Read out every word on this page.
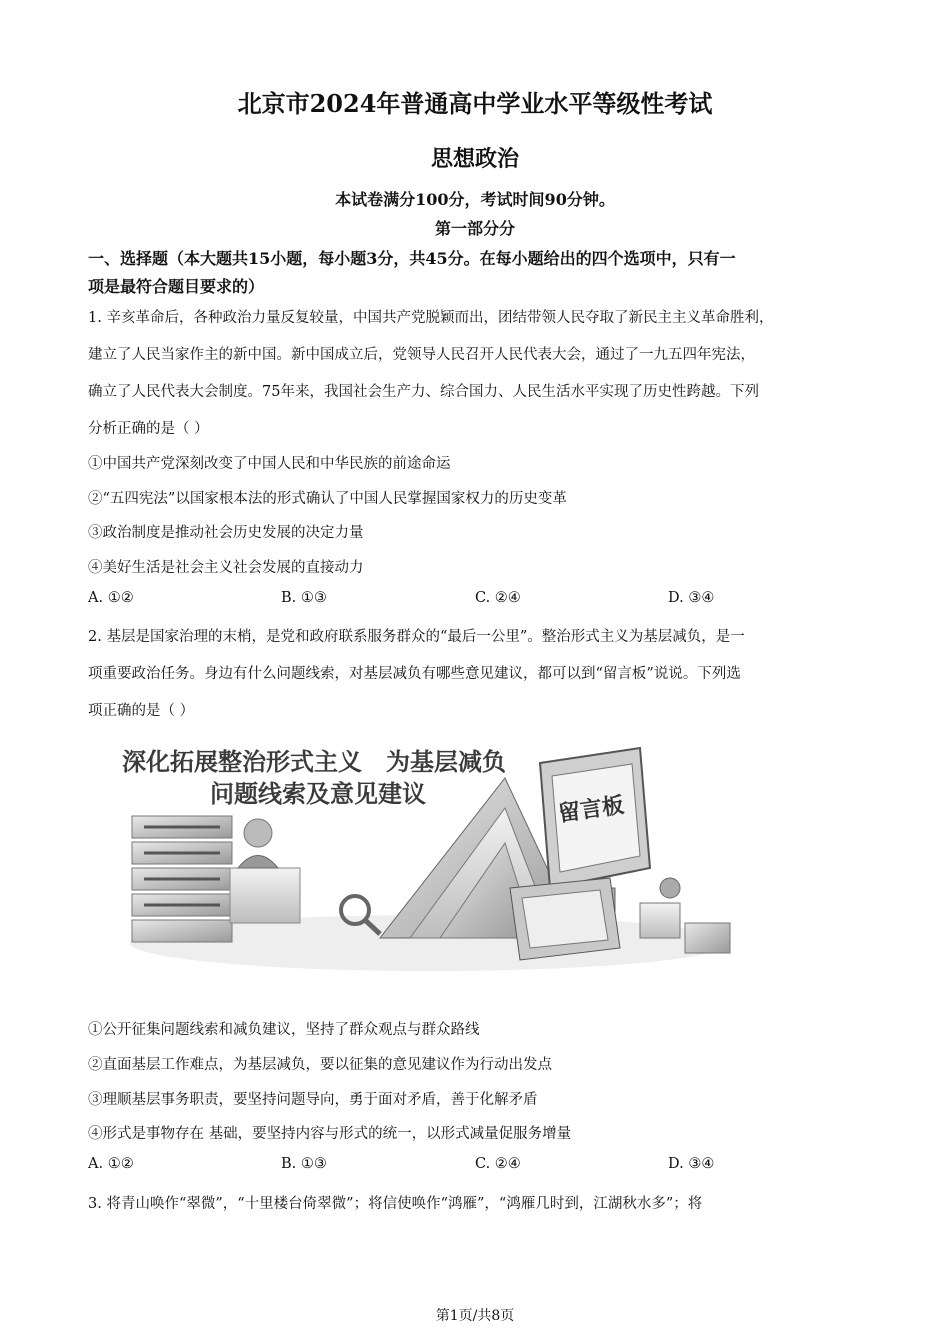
北京市2024年普通高中学业水平等级性考试
思想政治
本试卷满分100分，考试时间90分钟。
第一部分分
一、选择题（本大题共15小题，每小题3分，共45分。在每小题给出的四个选项中，只有一
项是最符合题目要求的）
1. 辛亥革命后，各种政治力量反复较量，中国共产党脱颖而出，团结带领人民夺取了新民主主义革命胜利，
建立了人民当家作主的新中国。新中国成立后，党领导人民召开人民代表大会，通过了一九五四年宪法，
确立了人民代表大会制度。75年来，我国社会生产力、综合国力、人民生活水平实现了历史性跨越。下列
分析正确的是（ ）
①中国共产党深刻改变了中国人民和中华民族的前途命运
②“五四宪法”以国家根本法的形式确认了中国人民掌握国家权力的历史变革
③政治制度是推动社会历史发展的决定力量
④美好生活是社会主义社会发展的直接动力
A. ①②	B. ①③	C. ②④	D. ③④
2. 基层是国家治理的末梢，是党和政府联系服务群众的“最后一公里”。整治形式主义为基层减负，是一
项重要政治任务。身边有什么问题线索，对基层减负有哪些意见建议，都可以到“留言板”说说。下列选
项正确的是（ ）
留言板
深化拓展整治形式主义　为基层减负
问题线索及意见建议
①公开征集问题线索和减负建议，坚持了群众观点与群众路线
②直面基层工作难点，为基层减负，要以征集的意见建议作为行动出发点
③理顺基层事务职责，要坚持问题导向，勇于面对矛盾，善于化解矛盾
④形式是事物存在 基础，要坚持内容与形式的统一，以形式减量促服务增量
A. ①②	B. ①③	C. ②④	D. ③④
3. 将青山唤作“翠微”，“十里楼台倚翠微”；将信使唤作“鸿雁”，“鸿雁几时到，江湖秋水多”；将
第1页/共8页
